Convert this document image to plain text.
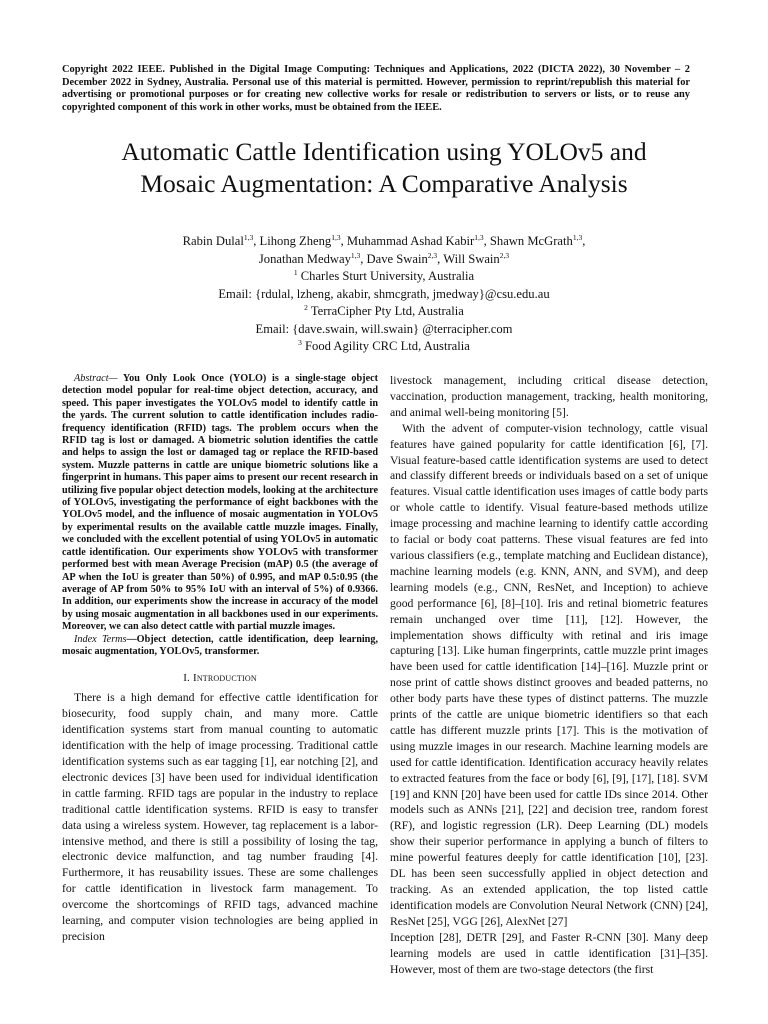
Copyright 2022 IEEE. Published in the Digital Image Computing: Techniques and Applications, 2022 (DICTA 2022), 30 November – 2 December 2022 in Sydney, Australia. Personal use of this material is permitted. However, permission to reprint/republish this material for advertising or promotional purposes or for creating new collective works for resale or redistribution to servers or lists, or to reuse any copyrighted component of this work in other works, must be obtained from the IEEE.
Automatic Cattle Identification using YOLOv5 and
Mosaic Augmentation: A Comparative Analysis
Rabin Dulal$^{1,3}$, Lihong Zheng$^{1,3}$, Muhammad Ashad Kabir$^{1,3}$, Shawn McGrath$^{1,3}$,
Jonathan Medway$^{1,3}$, Dave Swain$^{2,3}$, Will Swain$^{2,3}$
$^1$ Charles Sturt University, Australia
Email: {rdulal, lzheng, akabir, shmcgrath, jmedway}@csu.edu.au
$^2$ TerraCipher Pty Ltd, Australia
Email: {dave.swain, will.swain} @terracipher.com
$^3$ Food Agility CRC Ltd, Australia

Abstract— You Only Look Once (YOLO) is a single-stage object detection model popular for real-time object detection, accuracy, and speed. This paper investigates the YOLOv5 model to identify cattle in the yards. The current solution to cattle identification includes radio-frequency identification (RFID) tags. The problem occurs when the RFID tag is lost or damaged. A biometric solution identifies the cattle and helps to assign the lost or damaged tag or replace the RFID-based system. Muzzle patterns in cattle are unique biometric solutions like a fingerprint in humans. This paper aims to present our recent research in utilizing five popular object detection models, looking at the architecture of YOLOv5, investigating the performance of eight backbones with the YOLOv5 model, and the influence of mosaic augmentation in YOLOv5 by experimental results on the available cattle muzzle images. Finally, we concluded with the excellent potential of using YOLOv5 in automatic cattle identification. Our experiments show YOLOv5 with transformer performed best with mean Average Precision (mAP) 0.5 (the average of AP when the IoU is greater than 50%) of 0.995, and mAP 0.5:0.95 (the average of AP from 50% to 95% IoU with an interval of 5%) of 0.9366. In addition, our experiments show the increase in accuracy of the model by using mosaic augmentation in all backbones used in our experiments. Moreover, we can also detect cattle with partial muzzle images.

Index Terms—Object detection, cattle identification, deep learning, mosaic augmentation, YOLOv5, transformer.

I. Introduction

There is a high demand for effective cattle identification for biosecurity, food supply chain, and many more. Cattle identification systems start from manual counting to automatic identification with the help of image processing. Traditional cattle identification systems such as ear tagging [1], ear notching [2], and electronic devices [3] have been used for individual identification in cattle farming. RFID tags are popular in the industry to replace traditional cattle identification systems. RFID is easy to transfer data using a wireless system. However, tag replacement is a labor-intensive method, and there is still a possibility of losing the tag, electronic device malfunction, and tag number frauding [4]. Furthermore, it has reusability issues. These are some challenges for cattle identification in livestock farm management. To overcome the shortcomings of RFID tags, advanced machine learning, and computer vision technologies are being applied in precision

livestock management, including critical disease detection, vaccination, production management, tracking, health monitoring, and animal well-being monitoring [5].

With the advent of computer-vision technology, cattle visual features have gained popularity for cattle identification [6], [7]. Visual feature-based cattle identification systems are used to detect and classify different breeds or individuals based on a set of unique features. Visual cattle identification uses images of cattle body parts or whole cattle to identify. Visual feature-based methods utilize image processing and machine learning to identify cattle according to facial or body coat patterns. These visual features are fed into various classifiers (e.g., template matching and Euclidean distance), machine learning models (e.g. KNN, ANN, and SVM), and deep learning models (e.g., CNN, ResNet, and Inception) to achieve good performance [6], [8]–[10]. Iris and retinal biometric features remain unchanged over time [11], [12]. However, the implementation shows difficulty with retinal and iris image capturing [13]. Like human fingerprints, cattle muzzle print images have been used for cattle identification [14]–[16]. Muzzle print or nose print of cattle shows distinct grooves and beaded patterns, no other body parts have these types of distinct patterns. The muzzle prints of the cattle are unique biometric identifiers so that each cattle has different muzzle prints [17]. This is the motivation of using muzzle images in our research. Machine learning models are used for cattle identification. Identification accuracy heavily relates to extracted features from the face or body [6], [9], [17], [18]. SVM [19] and KNN [20] have been used for cattle IDs since 2014. Other models such as ANNs [21], [22] and decision tree, random forest (RF), and logistic regression (LR). Deep Learning (DL) models show their superior performance in applying a bunch of filters to mine powerful features deeply for cattle identification [10], [23]. DL has been seen successfully applied in object detection and tracking. As an extended application, the top listed cattle identification models are Convolution Neural Network (CNN) [24], ResNet [25], VGG [26], AlexNet [27]

Inception [28], DETR [29], and Faster R-CNN [30]. Many deep learning models are used in cattle identification [31]–[35]. However, most of them are two-stage detectors (the first
